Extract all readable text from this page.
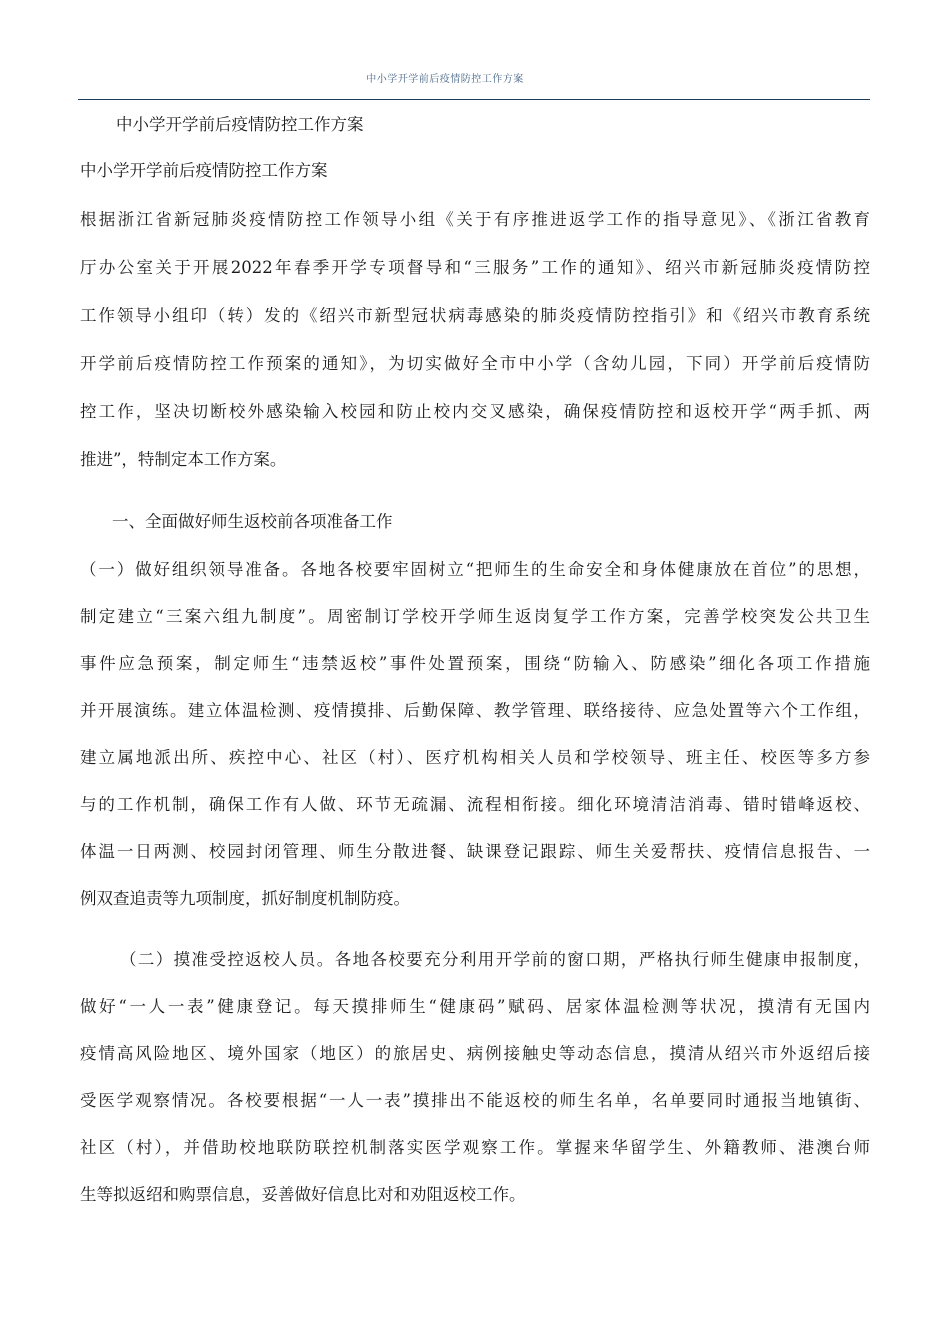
中小学开学前后疫情防控工作方案
中小学开学前后疫情防控工作方案
中小学开学前后疫情防控工作方案
根据浙江省新冠肺炎疫情防控工作领导小组《关于有序推进返学工作的指导意见》、《浙江省教育
厅办公室关于开展2022年春季开学专项督导和“三服务”工作的通知》、绍兴市新冠肺炎疫情防控
工作领导小组印（转）发的《绍兴市新型冠状病毒感染的肺炎疫情防控指引》和《绍兴市教育系统
开学前后疫情防控工作预案的通知》，为切实做好全市中小学（含幼儿园，下同）开学前后疫情防
控工作，坚决切断校外感染输入校园和防止校内交叉感染，确保疫情防控和返校开学“两手抓、两
推进”，特制定本工作方案。
一、全面做好师生返校前各项准备工作
（一）做好组织领导准备。各地各校要牢固树立“把师生的生命安全和身体健康放在首位”的思想，
制定建立“三案六组九制度”。周密制订学校开学师生返岗复学工作方案，完善学校突发公共卫生
事件应急预案，制定师生“违禁返校”事件处置预案，围绕“防输入、防感染”细化各项工作措施
并开展演练。建立体温检测、疫情摸排、后勤保障、教学管理、联络接待、应急处置等六个工作组，
建立属地派出所、疾控中心、社区（村）、医疗机构相关人员和学校领导、班主任、校医等多方参
与的工作机制，确保工作有人做、环节无疏漏、流程相衔接。细化环境清洁消毒、错时错峰返校、
体温一日两测、校园封闭管理、师生分散进餐、缺课登记跟踪、师生关爱帮扶、疫情信息报告、一
例双查追责等九项制度，抓好制度机制防疫。
（二）摸准受控返校人员。各地各校要充分利用开学前的窗口期，严格执行师生健康申报制度，
做好“一人一表”健康登记。每天摸排师生“健康码”赋码、居家体温检测等状况，摸清有无国内
疫情高风险地区、境外国家（地区）的旅居史、病例接触史等动态信息，摸清从绍兴市外返绍后接
受医学观察情况。各校要根据“一人一表”摸排出不能返校的师生名单，名单要同时通报当地镇街、
社区（村），并借助校地联防联控机制落实医学观察工作。掌握来华留学生、外籍教师、港澳台师
生等拟返绍和购票信息，妥善做好信息比对和劝阻返校工作。
